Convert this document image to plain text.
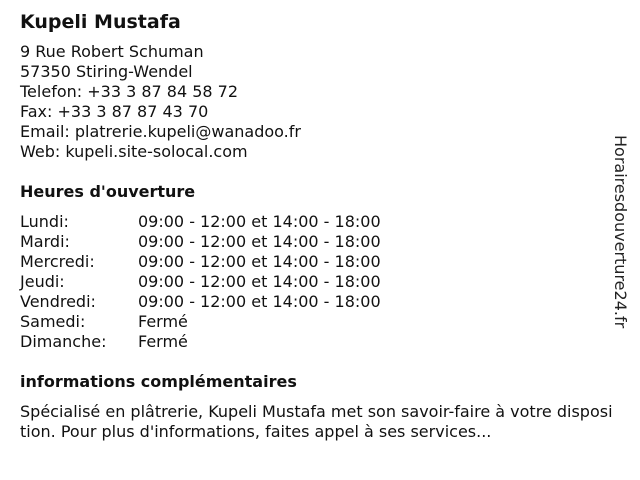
Kupeli Mustafa
9 Rue Robert Schuman
57350 Stiring-Wendel
Telefon: +33 3 87 84 58 72
Fax: +33 3 87 87 43 70
Email: platrerie.kupeli@wanadoo.fr
Web: kupeli.site-solocal.com
Heures d'ouverture
Lundi:	09:00 - 12:00 et 14:00 - 18:00
Mardi:	09:00 - 12:00 et 14:00 - 18:00
Mercredi:	09:00 - 12:00 et 14:00 - 18:00
Jeudi:	09:00 - 12:00 et 14:00 - 18:00
Vendredi:	09:00 - 12:00 et 14:00 - 18:00
Samedi:	Fermé
Dimanche:	Fermé
informations complémentaires
Spécialisé en plâtrerie, Kupeli Mustafa met son savoir-faire à votre disposition. Pour plus d'informations, faites appel à ses services...
Horairesdouverture24.fr
